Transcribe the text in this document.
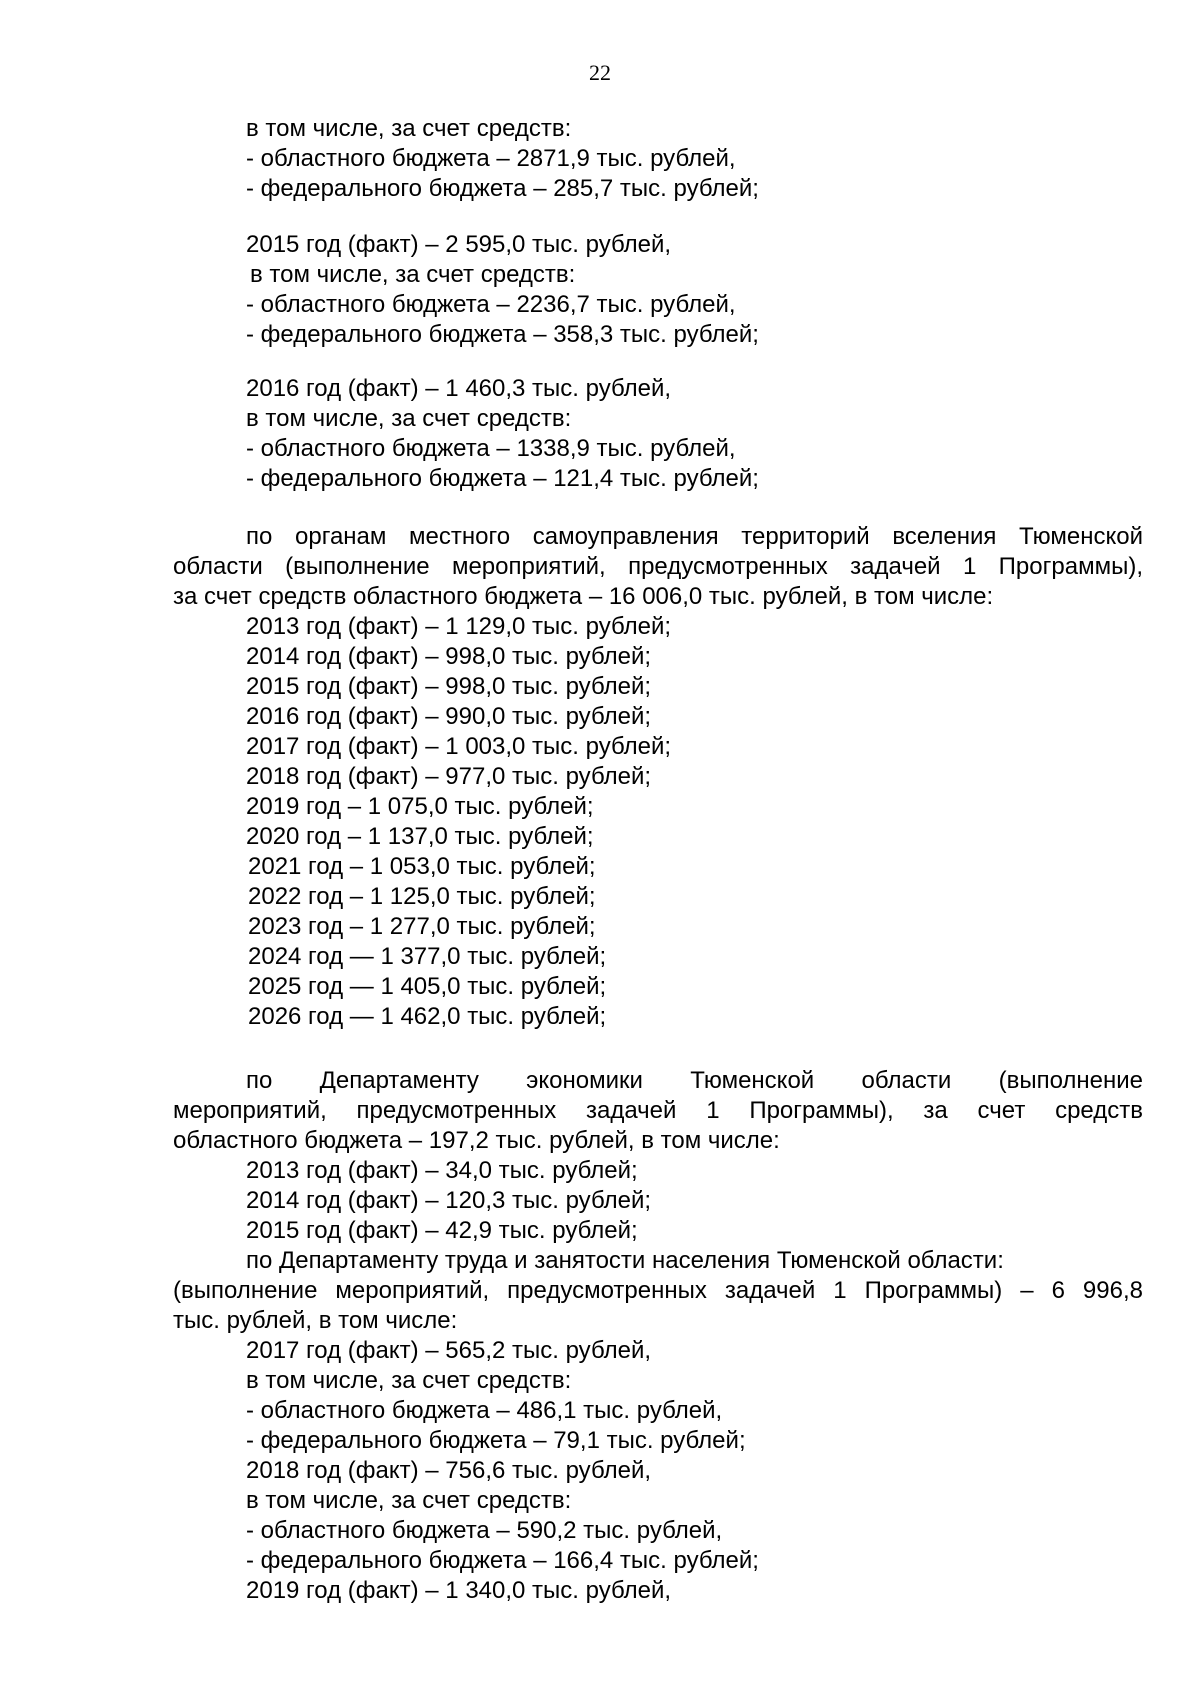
22
в том числе, за счет средств:
- областного бюджета – 2871,9 тыс. рублей,
- федерального бюджета – 285,7 тыс. рублей;
2015 год (факт) – 2 595,0 тыс. рублей,
в том числе, за счет средств:
- областного бюджета – 2236,7 тыс. рублей,
- федерального бюджета – 358,3 тыс. рублей;
2016 год (факт) – 1 460,3 тыс. рублей,
в том числе, за счет средств:
- областного бюджета – 1338,9 тыс. рублей,
- федерального бюджета – 121,4 тыс. рублей;
по органам местного самоуправления территорий вселения Тюменской
области (выполнение мероприятий, предусмотренных задачей 1 Программы),
за счет средств областного бюджета – 16 006,0 тыс. рублей, в том числе:
2013 год (факт) – 1 129,0 тыс. рублей;
2014 год (факт) – 998,0 тыс. рублей;
2015 год (факт) – 998,0 тыс. рублей;
2016 год (факт) – 990,0 тыс. рублей;
2017 год (факт) – 1 003,0 тыс. рублей;
2018 год (факт) – 977,0 тыс. рублей;
2019 год – 1 075,0 тыс. рублей;
2020 год – 1 137,0 тыс. рублей;
2021 год – 1 053,0 тыс. рублей;
2022 год – 1 125,0 тыс. рублей;
2023 год – 1 277,0 тыс. рублей;
2024 год — 1 377,0 тыс. рублей;
2025 год — 1 405,0 тыс. рублей;
2026 год — 1 462,0 тыс. рублей;
по Департаменту экономики Тюменской области (выполнение
мероприятий, предусмотренных задачей 1 Программы), за счет средств
областного бюджета – 197,2 тыс. рублей, в том числе:
2013 год (факт) – 34,0 тыс. рублей;
2014 год (факт) – 120,3 тыс. рублей;
2015 год (факт) – 42,9 тыс. рублей;
по Департаменту труда и занятости населения Тюменской области:
(выполнение мероприятий, предусмотренных задачей 1 Программы) – 6 996,8
тыс. рублей, в том числе:
2017 год (факт) – 565,2 тыс. рублей,
в том числе, за счет средств:
- областного бюджета – 486,1 тыс. рублей,
- федерального бюджета – 79,1 тыс. рублей;
2018 год (факт) – 756,6 тыс. рублей,
в том числе, за счет средств:
- областного бюджета – 590,2 тыс. рублей,
- федерального бюджета – 166,4 тыс. рублей;
2019 год (факт) – 1 340,0 тыс. рублей,
